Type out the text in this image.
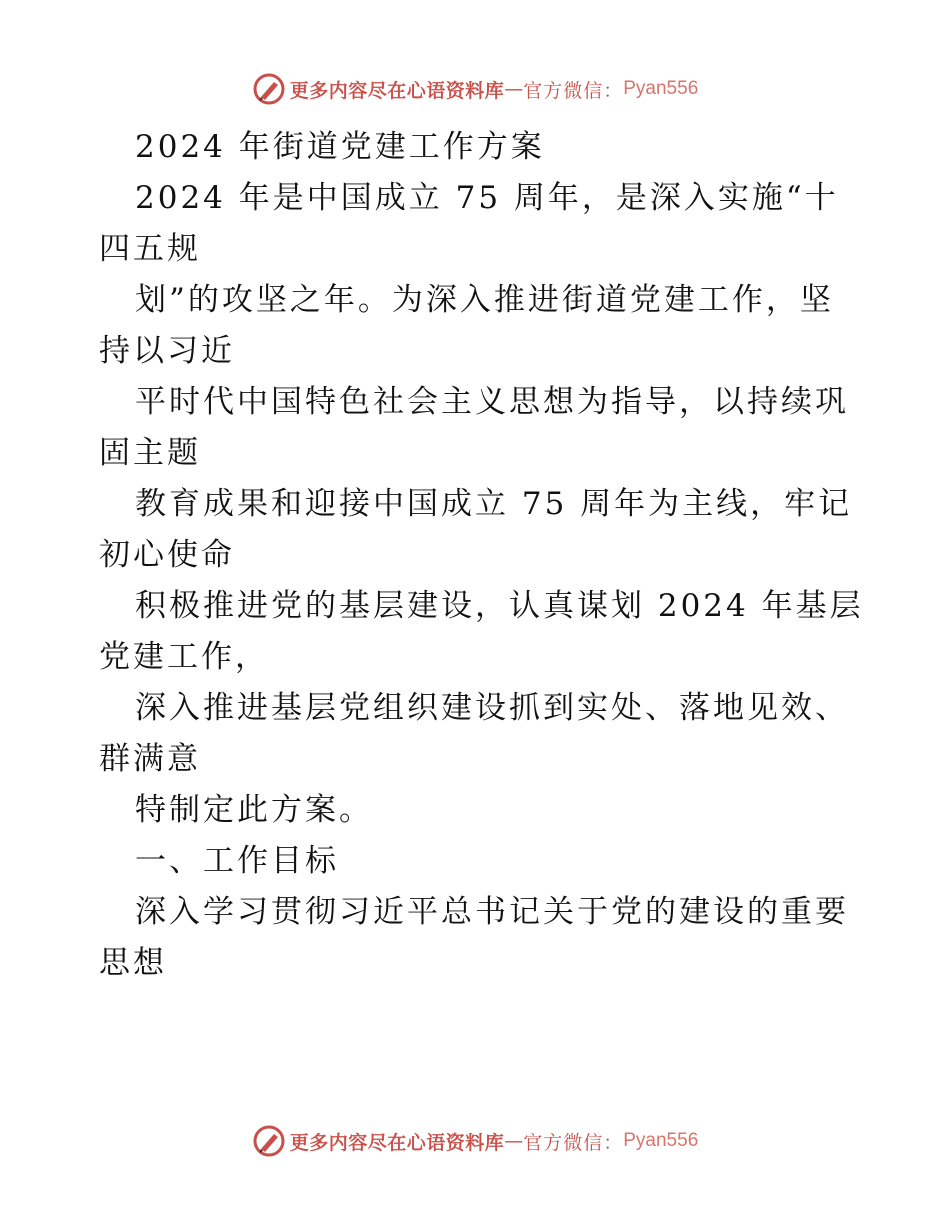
更多内容尽在心语资料库 — 官方微信： Pyan556
2024 年街道党建工作方案
2024 年是中国成立 75 周年，是深入实施“十
四五规
划”的攻坚之年。为深入推进街道党建工作，坚
持以习近
平时代中国特色社会主义思想为指导，以持续巩
固主题
教育成果和迎接中国成立 75 周年为主线，牢记
初心使命
积极推进党的基层建设，认真谋划 2024 年基层
党建工作，
深入推进基层党组织建设抓到实处、落地见效、
群满意
特制定此方案。
一、工作目标
深入学习贯彻习近平总书记关于党的建设的重要
思想
更多内容尽在心语资料库 — 官方微信： Pyan556
